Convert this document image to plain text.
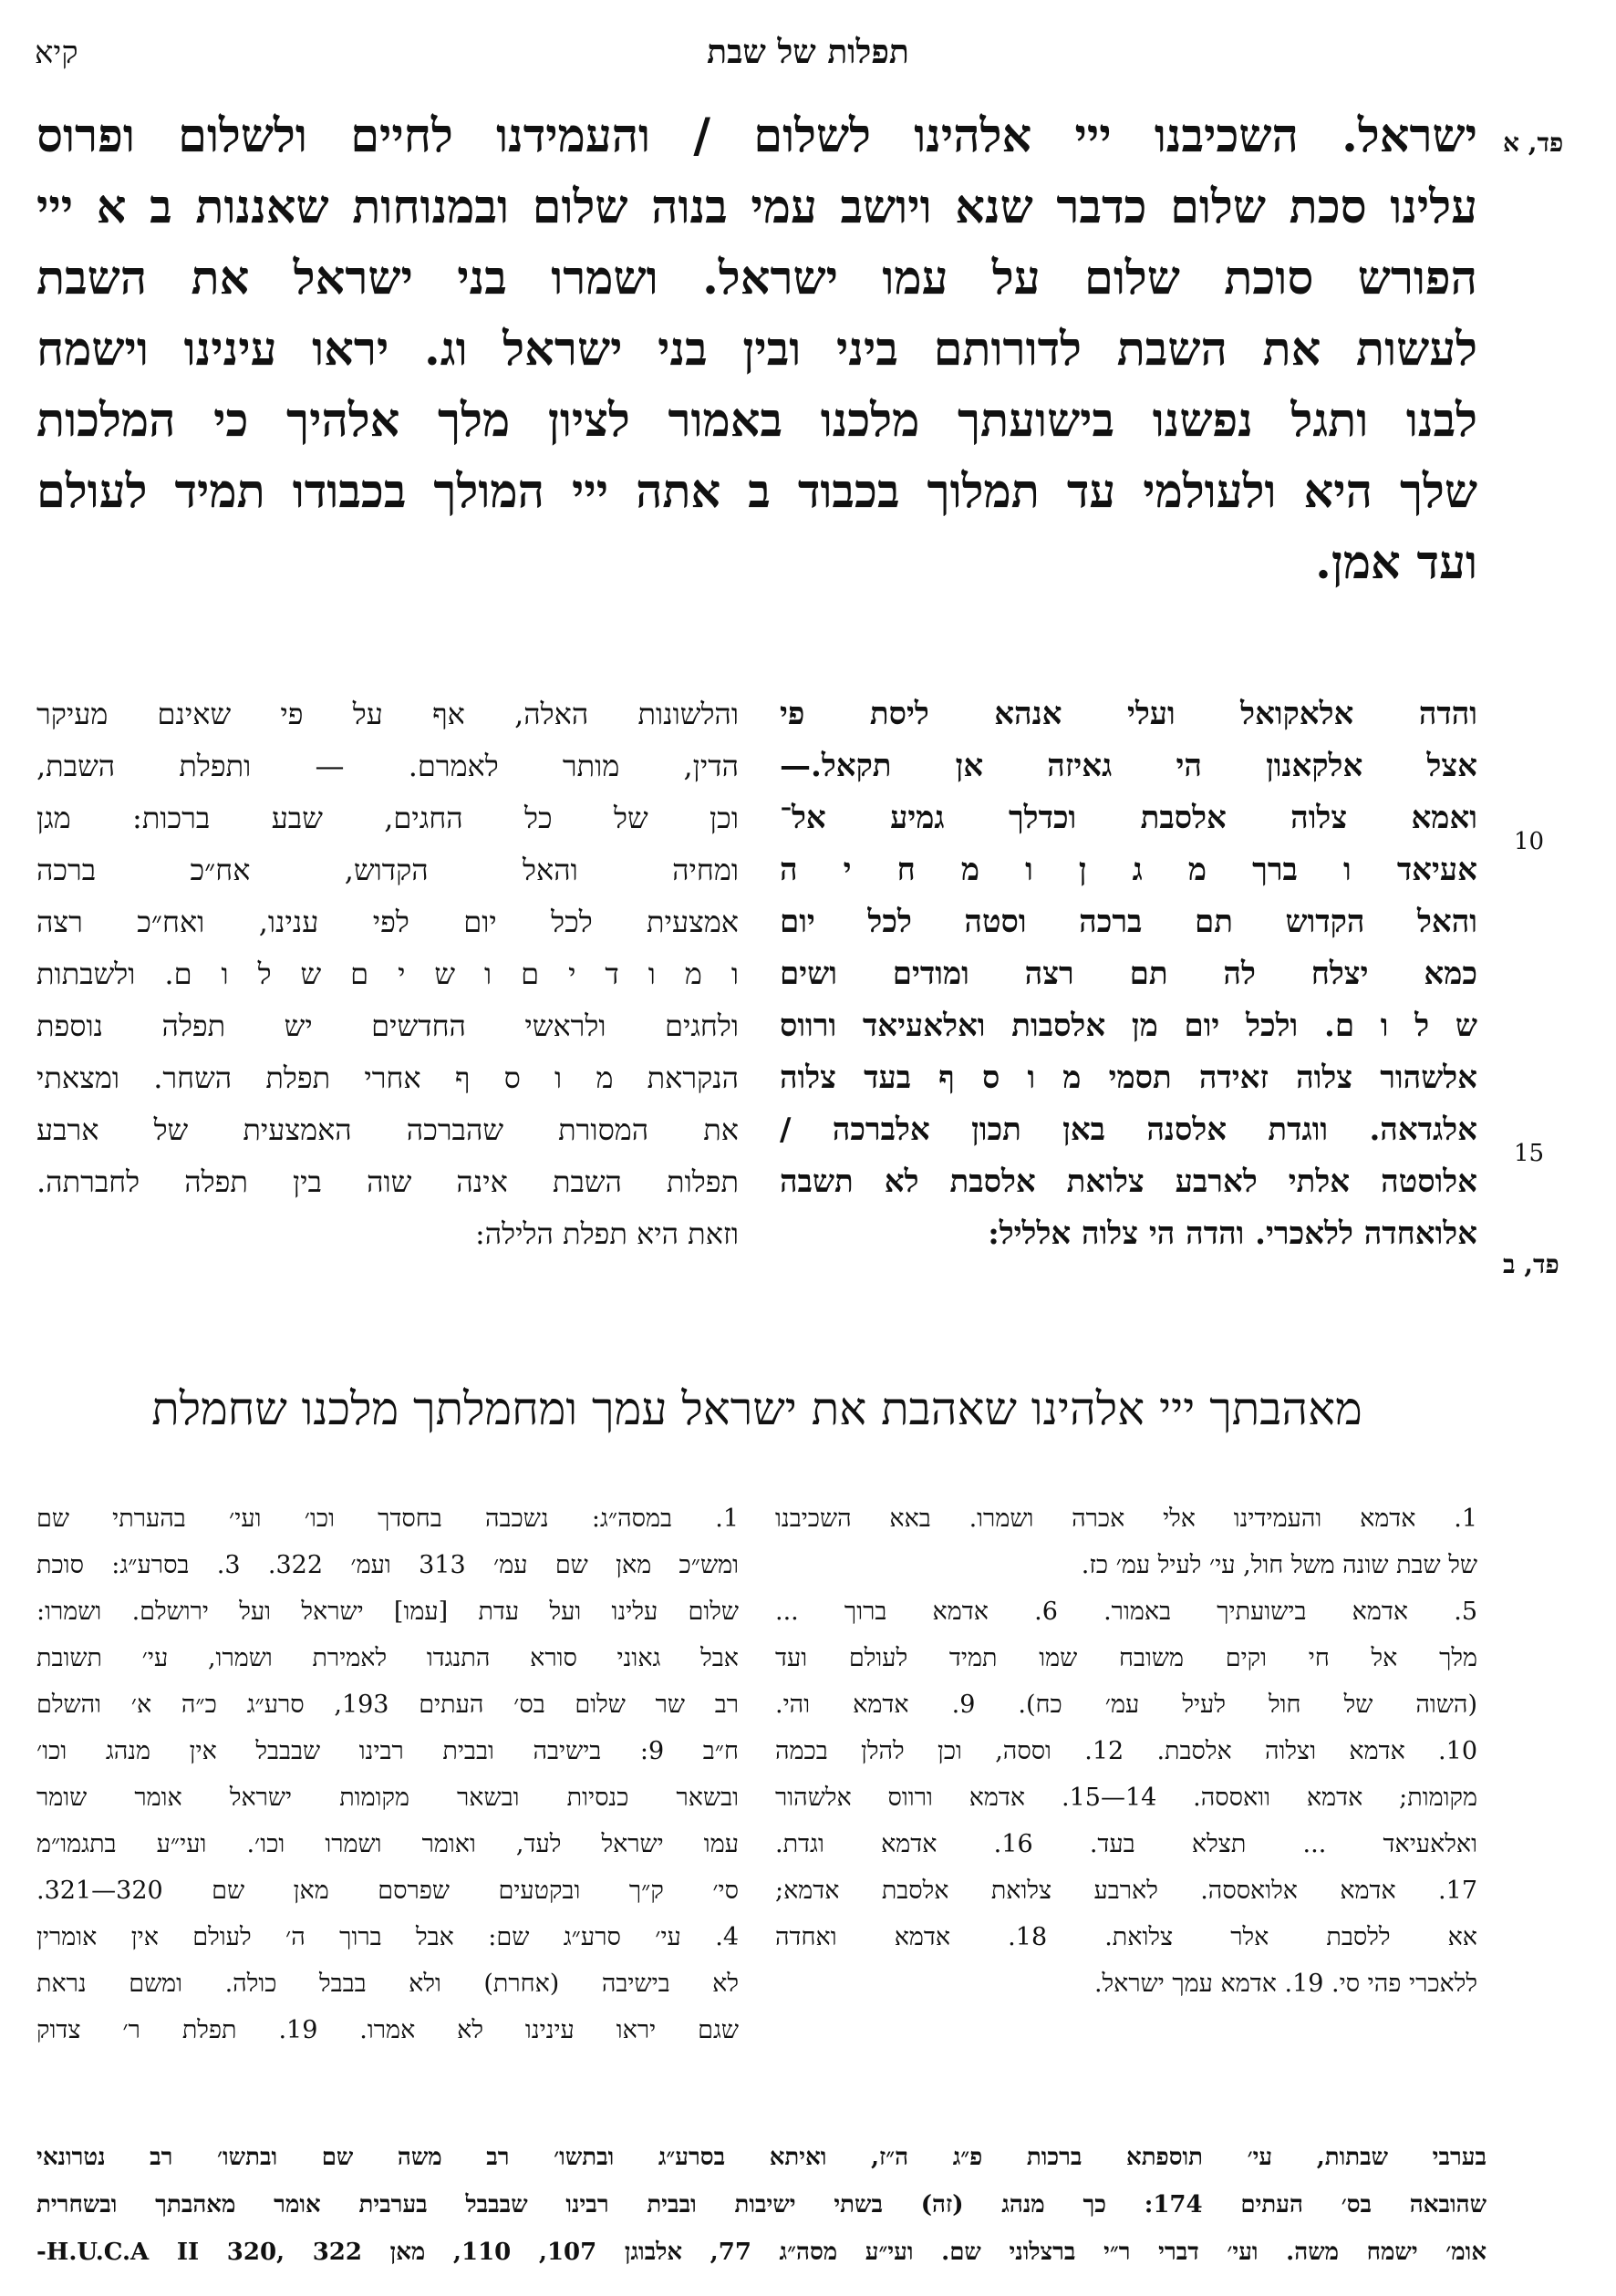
קיא	תפלות של שבת
פד, א
פד, ב
10
15
ישראל. השכיבנו ייי אלהינו לשלום / והעמידנו לחיים ולשלום ופרוס
עלינו סכת שלום כדבר שנא ויושב עמי בנוה שלום ובמנוחות שאננות ב א ייי
הפורש סוכת שלום על עמו ישראל. ושמרו בני ישראל את השבת
לעשות את השבת לדורותם ביני ובין בני ישראל וג. יראו עינינו וישמח
לבנו ותגל נפשנו בישועתך מלכנו באמור לציון מלך אלהיך כי המלכות
שלך היא ולעולמי עד תמלוך בכבוד ב אתה ייי המולך בכבודו תמיד לעולם
ועד אמן.
והדה אלאקואל ועלי אנהא ליסת פי
אצל אלקאנון הי גאיזה אן תקאל.—
ואמא צלוה אלסבת וכדלך גמיע אל־
אעיאד ו ברך מ ג ן ו מ ח י ה
והאל הקדוש תם ברכה וסטה לכל יום
כמא יצלח לה תם רצה ומודים ושים
ש ל ו ם. ולכל יום מן אלסבות ואלאעיאד ורווס
אלשהור צלוה זאידה תסמי מ ו ס ף בעד צלוה
אלגדאה. ווגדת אלסנה באן תכון אלברכה /
אלוסטה אלתי לארבע צלואת אלסבת לא תשבה
אלואחדה ללאכרי. והדה הי צלוה אלליל:
והלשונות האלה, אף על פי שאינם מעיקר
הדין, מותר לאמרם. — ותפלת השבת,
וכן של כל החגים, שבע ברכות: מגן
ומחיה והאל הקדוש, אח״כ ברכה
אמצעית לכל יום לפי ענינו, ואח״כ רצה
ו מ ו ד י ם ו ש י ם ש ל ו ם. ולשבתות
ולחגים ולראשי החדשים יש תפלה נוספת
הנקראת מ ו ס ף אחרי תפלת השחר. ומצאתי
את המסורת שהברכה האמצעית של ארבע
תפלות השבת אינה שוה בין תפלה לחברתה.
וזאת היא תפלת הלילה:
מאהבתך ייי אלהינו שאהבת את ישראל עמך ומחמלתך מלכנו שחמלת
1. אדמא והעמידינו אלי אכרה ושמרו. באא השכיבנו
של שבת שונה משל חול, עי׳ לעיל עמ׳ כז.
5. אדמא בישועתיך באמור. 6. אדמא ברוך ...
מלך אל חי וקים משובח שמו תמיד לעולם ועד
(השוה של חול לעיל עמ׳ כח). 9. אדמא והי.
10. אדמא וצלוה אלסבת. 12. וססה, וכן להלן בכמה
מקומות; אדמא וואססה. 14—15. אדמא ורווס אלשהור
ואלאעיאד ... תצלא בעד. 16. אדמא וגדת.
17. אדמא אלואססה. לארבע צלואת אלסבת אדמא;
אא ללסבת אלר צלואת. 18. אדמא ואחדה
ללאכרי פהי סי. 19. אדמא עמך ישראל.
1. במסה״ג: נשכבה בחסדך וכו׳ ועי׳ בהערתי שם
ומש״כ מאן שם עמ׳ 313 ועמ׳ 322. 3. בסרע״ג: סוכת
שלום עלינו ועל עדת [עמו] ישראל ועל ירושלם. ושמרו:
אבל גאוני סורא התנגדו לאמירת ושמרו, עי׳ תשובת
רב שר שלום בס׳ העתים 193, סרע״ג כ״ה א׳ והשלם
ח״ב 9: בישיבה ובבית רבינו שבבבל אין מנהג וכו׳
ובשאר כנסיות ובשאר מקומות ישראל אומר שומר
עמו ישראל לעד, ואומר ושמרו וכו׳. ועי״ע בתגמו״מ
סי׳ ק״ך ובקטעים שפרסם מאן שם 320—321.
4. עי׳ סרע״ג שם: אבל ברוך ה׳ לעולם אין אומרין
לא בישיבה (אחרת) ולא בבבל כולה. ומשם נראת
שגם יראו עינינו לא אמרו. 19. תפלת ר׳ צדוק
בערבי שבתות, עי׳ תוספתא ברכות פ״ג ה״ז, ואיתא בסרע״ג ובתשו׳ רב משה שם ובתשו׳ רב נטרונאי
שהובאה בס׳ העתים 174: כך מנהג (זה) בשתי ישיבות ובבית רבינו שבבבל בערבית אומר מאהבתך ובשחרית
אומ׳ ישמח משה. ועי׳ דברי ר״י ברצלוני שם. ועי״ע מסה״ג 77, אלבוגן 107, 110, מאן H.U.C.A II 320, 322-
